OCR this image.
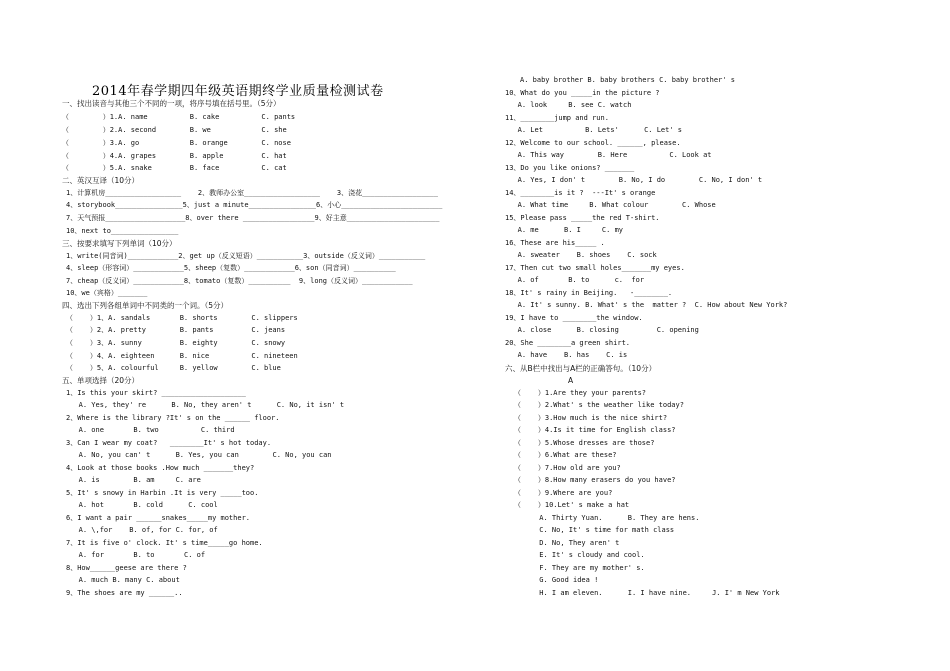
2014年春学期四年级英语期终学业质量检测试卷
一、找出读音与其他三个不同的一项，将序号填在括号里。（5分）
（        ）1.A. name          B. cake          C. pants
（        ）2.A. second        B. we            C. she
（        ）3.A. go            B. orange        C. nose
（        ）4.A. grapes        B. apple         C. hat
（        ）5.A. snake         B. face          C. cat
二、英汉互译（10分）
1、计算机房__________________    2、教师办公室__________________    3、浇花__________________
4、storybook________________5、just a minute________________6、小心________________________
7、天气预报___________________8、over there _________________9、好主意______________________
10、next to________________
三、按要求填写下列单词（10分）
1、write(同音词)____________2、get up（反义短语）___________3、outside（反义词）___________
4、sleep（形容词）____________5、sheep（复数）____________6、son（同音词）__________
7、cheap（反义词）____________8、tomato（复数）__________  9、long（反义词）____________
10、we（宾格）_______
四、选出下列各组单词中不同类的一个词。（5分）
（    ）1、A. sandals       B. shorts        C. slippers
（    ）2、A. pretty        B. pants         C. jeans
（    ）3、A. sunny         B. eighty        C. snowy
（    ）4、A. eighteen      B. nice          C. nineteen
（    ）5、A. colourful     B. yellow        C. blue
五、单项选择（20分）
1、Is this your skirt? ____________________
A. Yes, they' re      B. No, they aren' t      C. No, it isn' t
2、Where is the library ?It' s on the ______ floor.
A. one       B. two          C. third
3、Can I wear my coat?   ________It' s hot today.
A. No, you can' t      B. Yes, you can        C. No, you can
4、Look at those books .How much _______they?
A. is        B. am     C. are
5、It' s snowy in Harbin .It is very _____too.
A. hot       B. cold      C. cool
6、I want a pair ______snakes_____my mother.
A. \,for    B. of, for C. for, of
7、It is five o' clock. It' s time_____go home.
A. for       B. to       C. of
8、How______geese are there ?
A. much B. many C. about
9、The shoes are my ______..
A. baby brother B. baby brothers C. baby brother' s
10、What do you _____in the picture ?
A. look     B. see C. watch
11、________jump and run.
A. Let          B. Lets'      C. Let' s
12、Welcome to our school. ______, please.
A. This way        B. Here          C. Look at
13、Do you like onions? _______
A. Yes, I don' t        B. No, I do        C. No, I don' t
14、________is it ?  ---It' s orange
A. What time     B. What colour        C. Whose
15、Please pass _____the red T-shirt.
A. me      B. I     C. my
16、These are his_____ .
A. sweater    B. shoes    C. sock
17、Then cut two small holes_______my eyes.
A. of       B. to      c.  for
18、It' s rainy in Beijing.   -________.
A. It' s sunny. B. What' s the  matter ?  C. How about New York?
19、I have to ________the window.
A. close      B. closing         C. opening
20、She ________a green shirt.
A. have    B. has    C. is
六、从B栏中找出与A栏的正确答句。（10分）
A
（    ）1.Are they your parents?
（    ）2.What' s the weather like today?
（    ）3.How much is the nice shirt?
（    ）4.Is it time for English class?
（    ）5.Whose dresses are those?
（    ）6.What are these?
（    ）7.How old are you?
（    ）8.How many erasers do you have?
（    ）9.Where are you?
（    ）10.Let' s make a hat
A. Thirty Yuan.      B. They are hens.
C. No, It' s time for math class
D. No, They aren' t
E. It' s cloudy and cool.
F. They are my mother' s.
G. Good idea !
H. I am eleven.      I. I have nine.     J. I' m New York
